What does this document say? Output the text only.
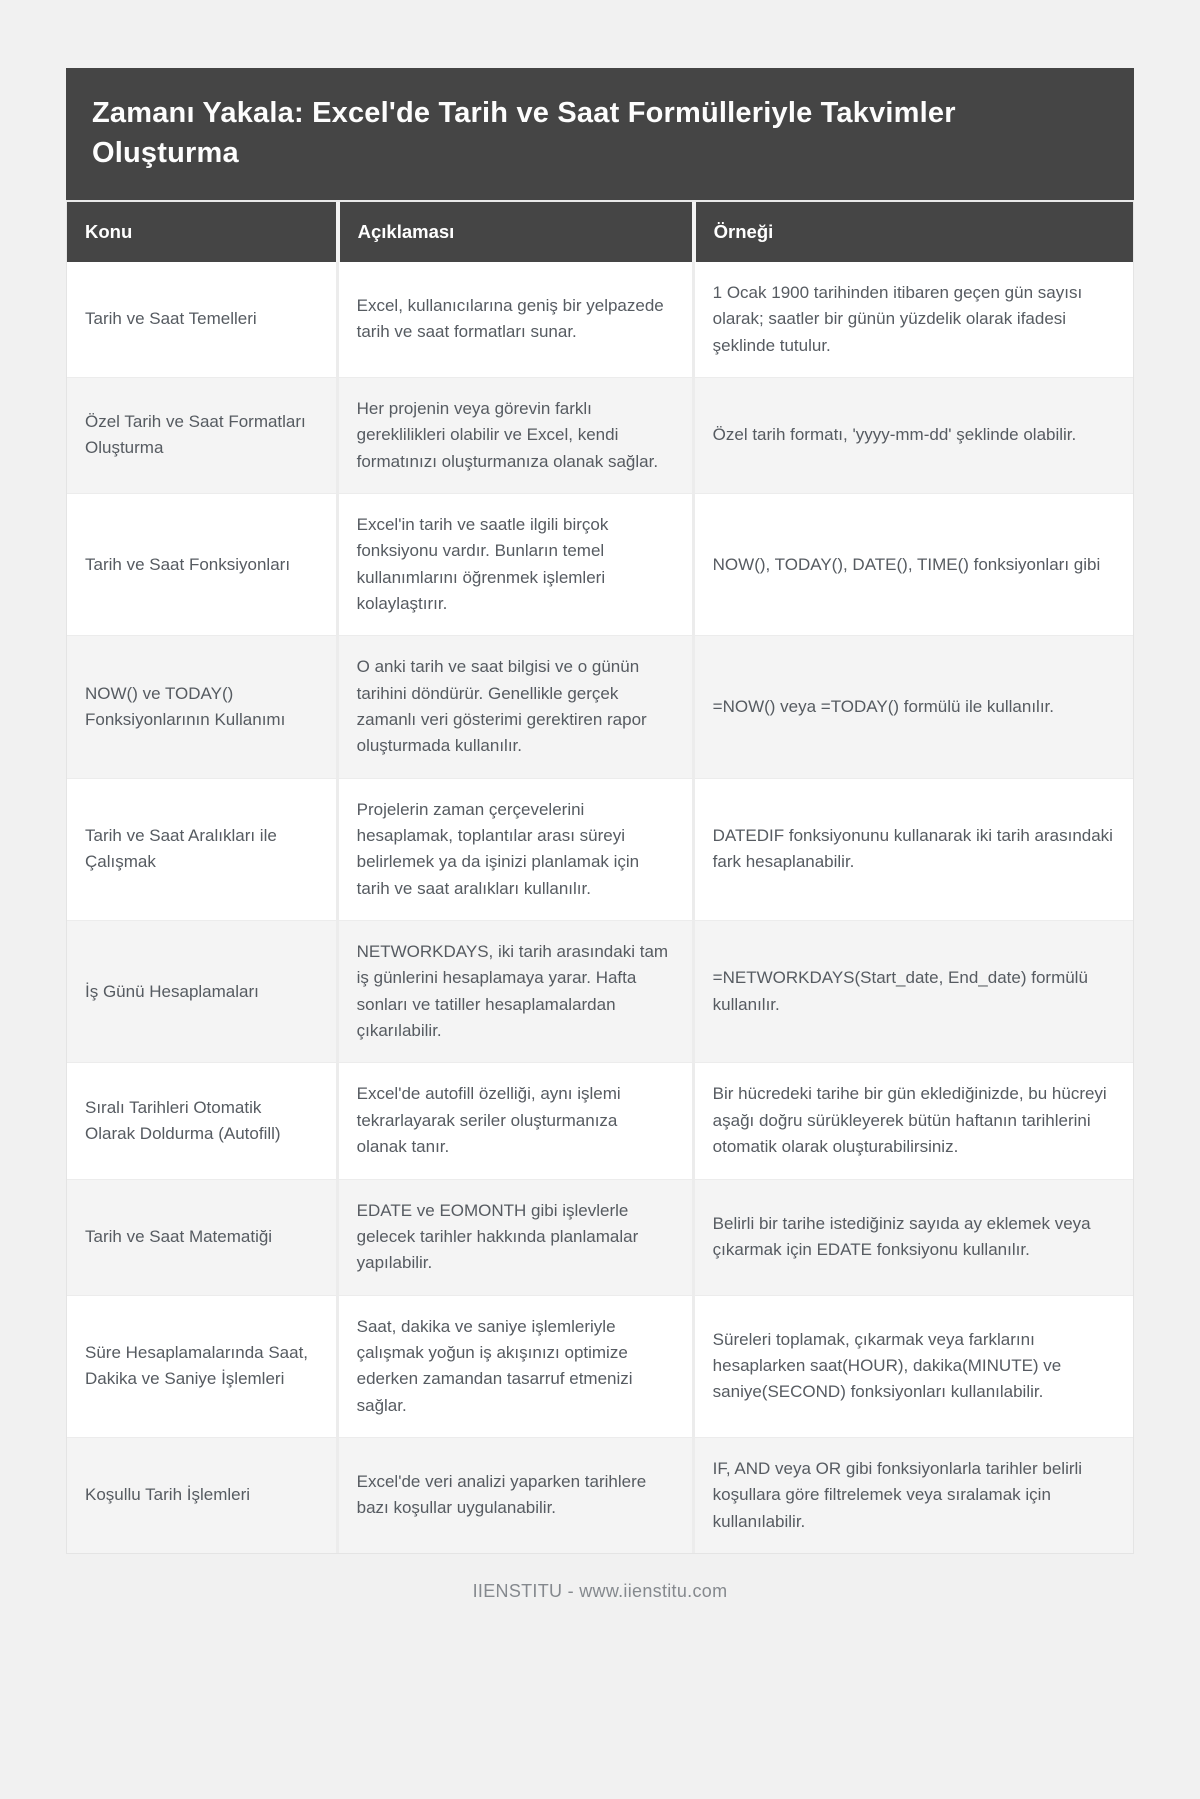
Zamanı Yakala: Excel'de Tarih ve Saat Formülleriyle Takvimler Oluşturma
Konu	Açıklaması	Örneği
Tarih ve Saat Temelleri	Excel, kullanıcılarına geniş bir yelpazede tarih ve saat formatları sunar.	1 Ocak 1900 tarihinden itibaren geçen gün sayısı olarak; saatler bir günün yüzdelik olarak ifadesi şeklinde tutulur.
Özel Tarih ve Saat Formatları Oluşturma	Her projenin veya görevin farklı gereklilikleri olabilir ve Excel, kendi formatınızı oluşturmanıza olanak sağlar.	Özel tarih formatı, 'yyyy-mm-dd' şeklinde olabilir.
Tarih ve Saat Fonksiyonları	Excel'in tarih ve saatle ilgili birçok fonksiyonu vardır. Bunların temel kullanımlarını öğrenmek işlemleri kolaylaştırır.	NOW(), TODAY(), DATE(), TIME() fonksiyonları gibi
NOW() ve TODAY() Fonksiyonlarının Kullanımı	O anki tarih ve saat bilgisi ve o günün tarihini döndürür. Genellikle gerçek zamanlı veri gösterimi gerektiren rapor oluşturmada kullanılır.	=NOW() veya =TODAY() formülü ile kullanılır.
Tarih ve Saat Aralıkları ile Çalışmak	Projelerin zaman çerçevelerini hesaplamak, toplantılar arası süreyi belirlemek ya da işinizi planlamak için tarih ve saat aralıkları kullanılır.	DATEDIF fonksiyonunu kullanarak iki tarih arasındaki fark hesaplanabilir.
İş Günü Hesaplamaları	NETWORKDAYS, iki tarih arasındaki tam iş günlerini hesaplamaya yarar. Hafta sonları ve tatiller hesaplamalardan çıkarılabilir.	=NETWORKDAYS(Start_date, End_date) formülü kullanılır.
Sıralı Tarihleri Otomatik Olarak Doldurma (Autofill)	Excel'de autofill özelliği, aynı işlemi tekrarlayarak seriler oluşturmanıza olanak tanır.	Bir hücredeki tarihe bir gün eklediğinizde, bu hücreyi aşağı doğru sürükleyerek bütün haftanın tarihlerini otomatik olarak oluşturabilirsiniz.
Tarih ve Saat Matematiği	EDATE ve EOMONTH gibi işlevlerle gelecek tarihler hakkında planlamalar yapılabilir.	Belirli bir tarihe istediğiniz sayıda ay eklemek veya çıkarmak için EDATE fonksiyonu kullanılır.
Süre Hesaplamalarında Saat, Dakika ve Saniye İşlemleri	Saat, dakika ve saniye işlemleriyle çalışmak yoğun iş akışınızı optimize ederken zamandan tasarruf etmenizi sağlar.	Süreleri toplamak, çıkarmak veya farklarını hesaplarken saat(HOUR), dakika(MINUTE) ve saniye(SECOND) fonksiyonları kullanılabilir.
Koşullu Tarih İşlemleri	Excel'de veri analizi yaparken tarihlere bazı koşullar uygulanabilir.	IF, AND veya OR gibi fonksiyonlarla tarihler belirli koşullara göre filtrelemek veya sıralamak için kullanılabilir.
IIENSTITU - www.iienstitu.com
